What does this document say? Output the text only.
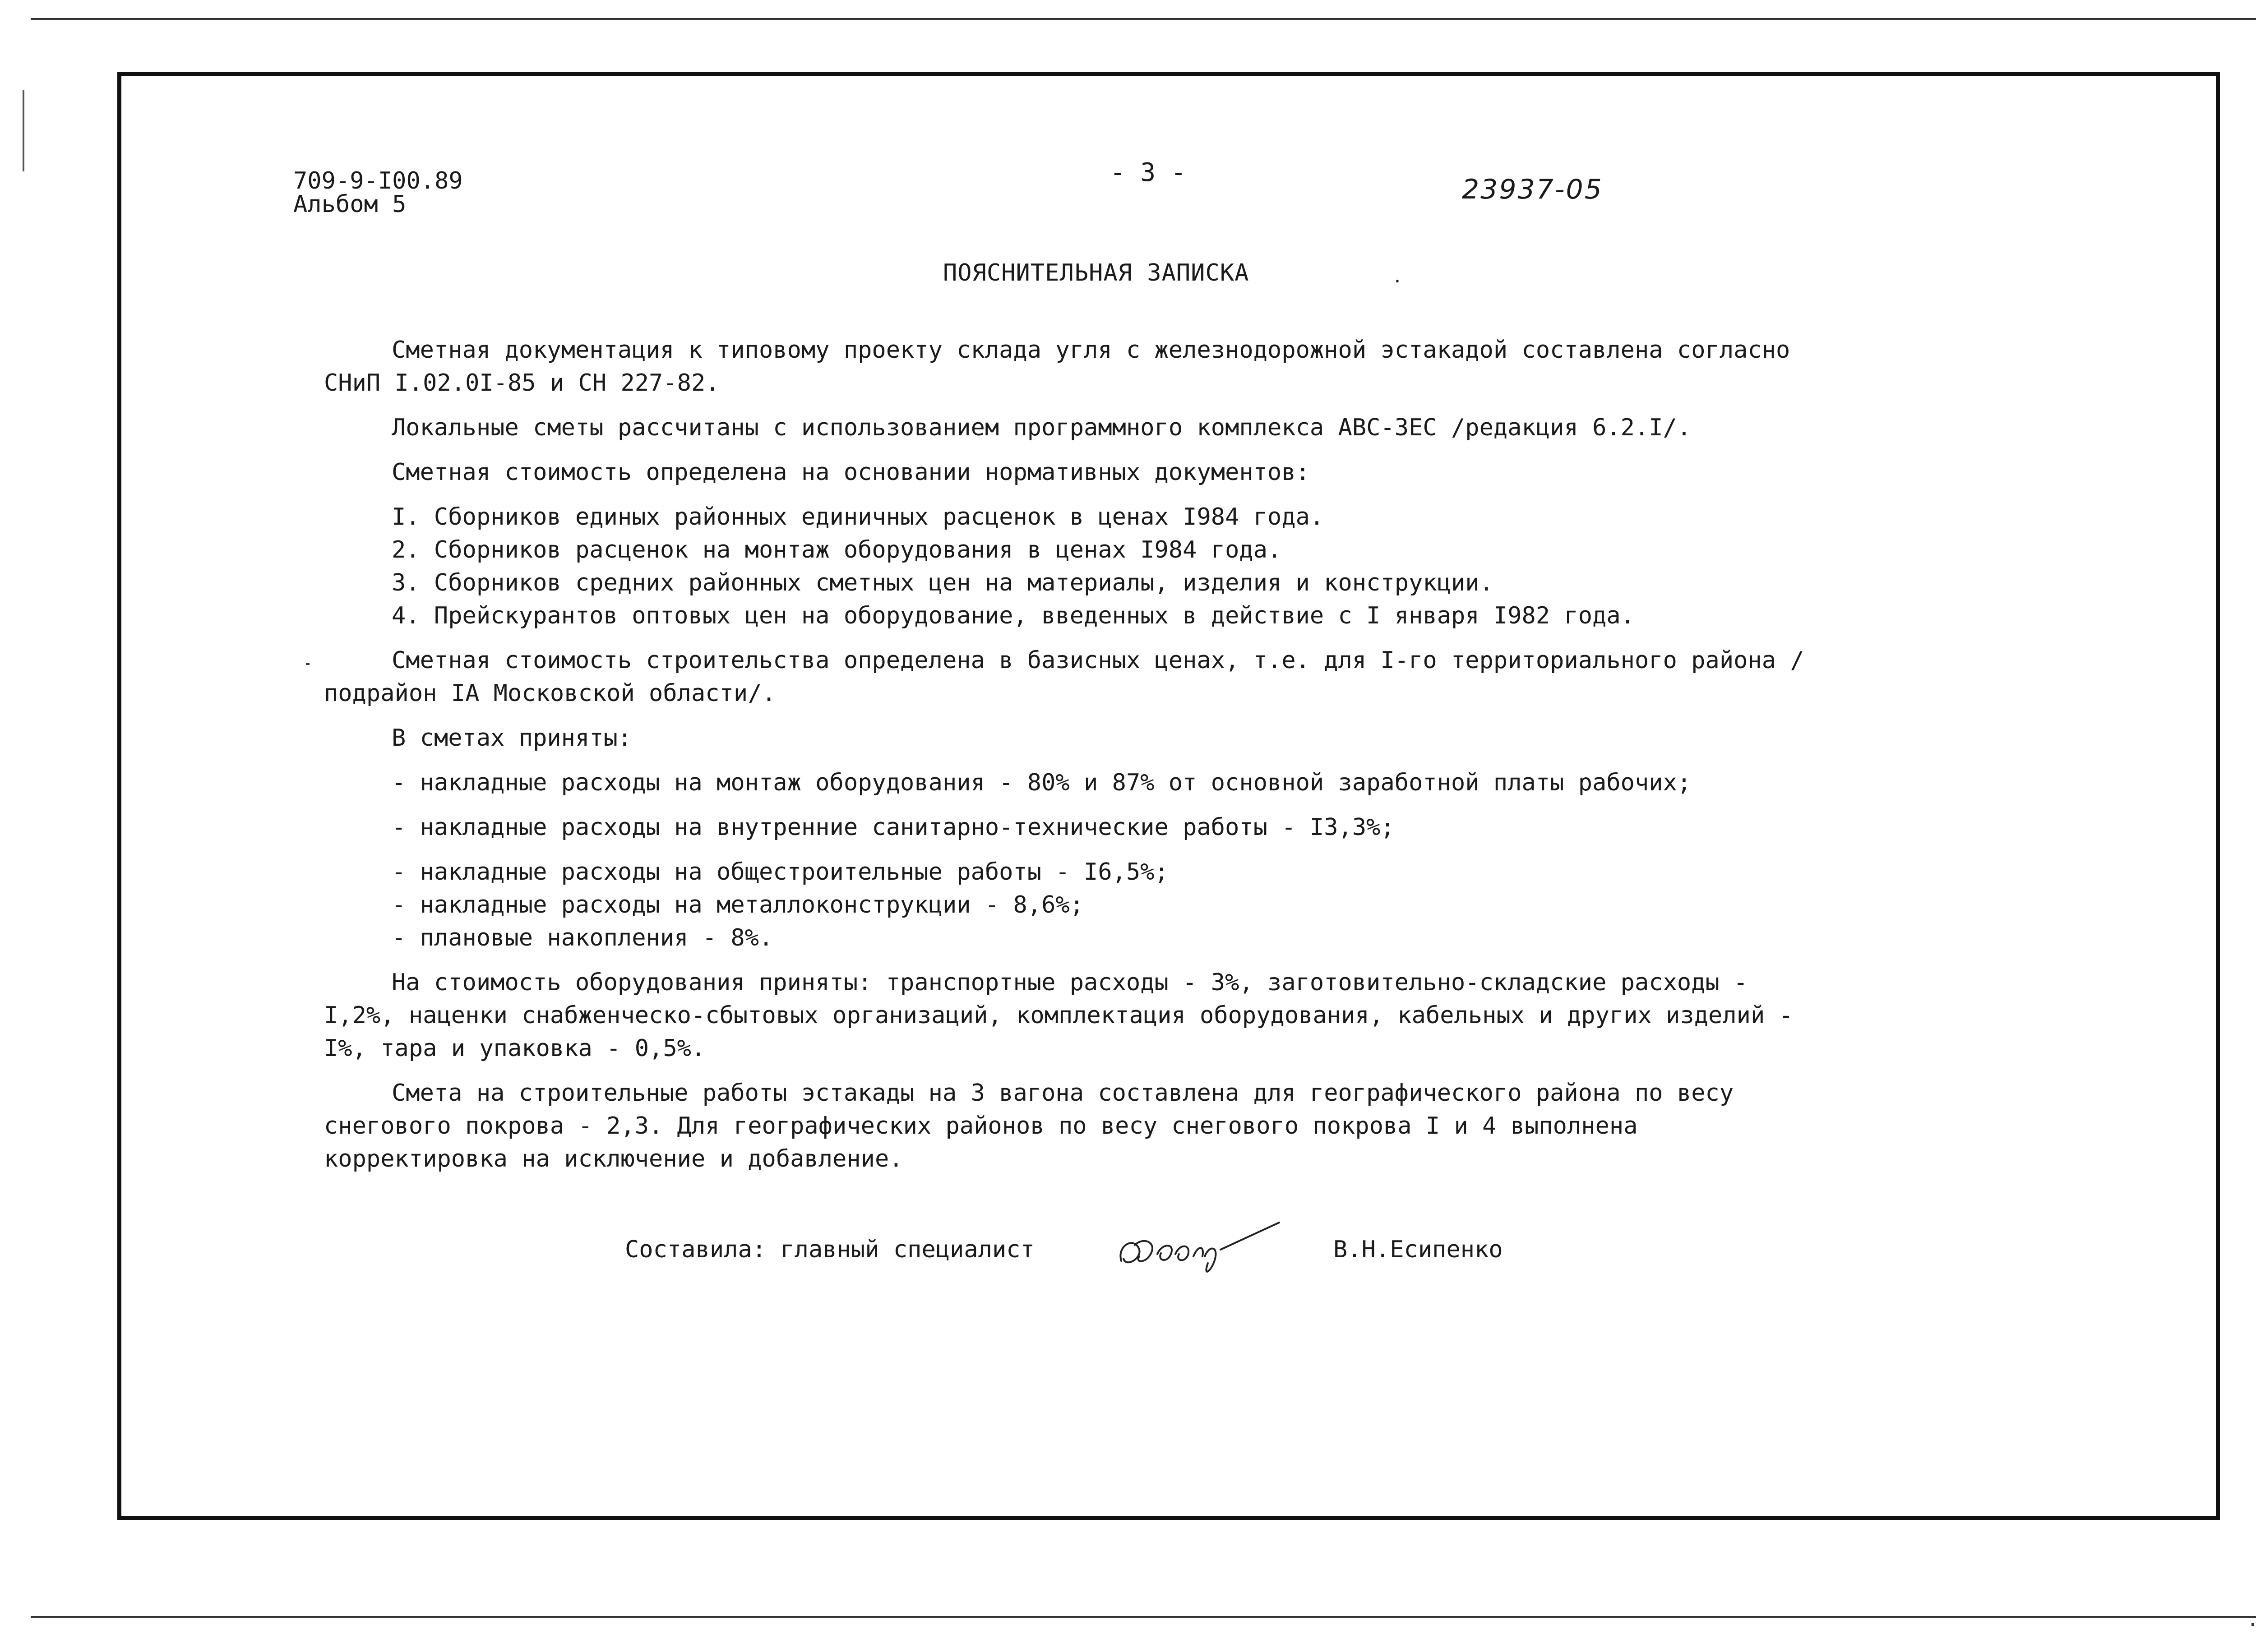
709-9-I00.89
Альбом 5
- 3 -
23937-05
ПОЯСНИТЕЛЬНАЯ ЗАПИСКА	.

Сметная документация к типовому проекту склада угля с железнодорожной эстакадой составлена согласно СНиП I.02.0I-85 и СН 227-82.

Локальные сметы рассчитаны с использованием программного комплекса АВС-ЗЕС /редакция 6.2.I/.

Сметная стоимость определена на основании нормативных документов:

I. Сборников единых районных единичных расценок в ценах I984 года.

2. Сборников расценок на монтаж оборудования в ценах I984 года.

3. Сборников средних районных сметных цен на материалы, изделия и конструкции.

4. Прейскурантов оптовых цен на оборудование, введенных в действие с I января I982 года.

Сметная стоимость строительства определена в базисных ценах, т.е. для I-го территориального района /подрайон IA Московской области/.

В сметах приняты:

- накладные расходы на монтаж оборудования - 80% и 87% от основной заработной платы рабочих;

- накладные расходы на внутренние санитарно-технические работы - I3,3%;

- накладные расходы на общестроительные работы - I6,5%;

- накладные расходы на металлоконструкции - 8,6%;

- плановые накопления - 8%.

На стоимость оборудования приняты: транспортные расходы - 3%, заготовительно-складские расходы - I,2%, наценки снабженческо-сбытовых организаций, комплектация оборудования, кабельных и других изделий - I%, тара и упаковка - 0,5%.

Смета на строительные работы эстакады на 3 вагона составлена для географического района по весу снегового покрова - 2,3. Для географических районов по весу снегового покрова I и 4 выполнена корректировка на исключение и добавление.

Составила: главный специалист	В.Н.Есипенко
